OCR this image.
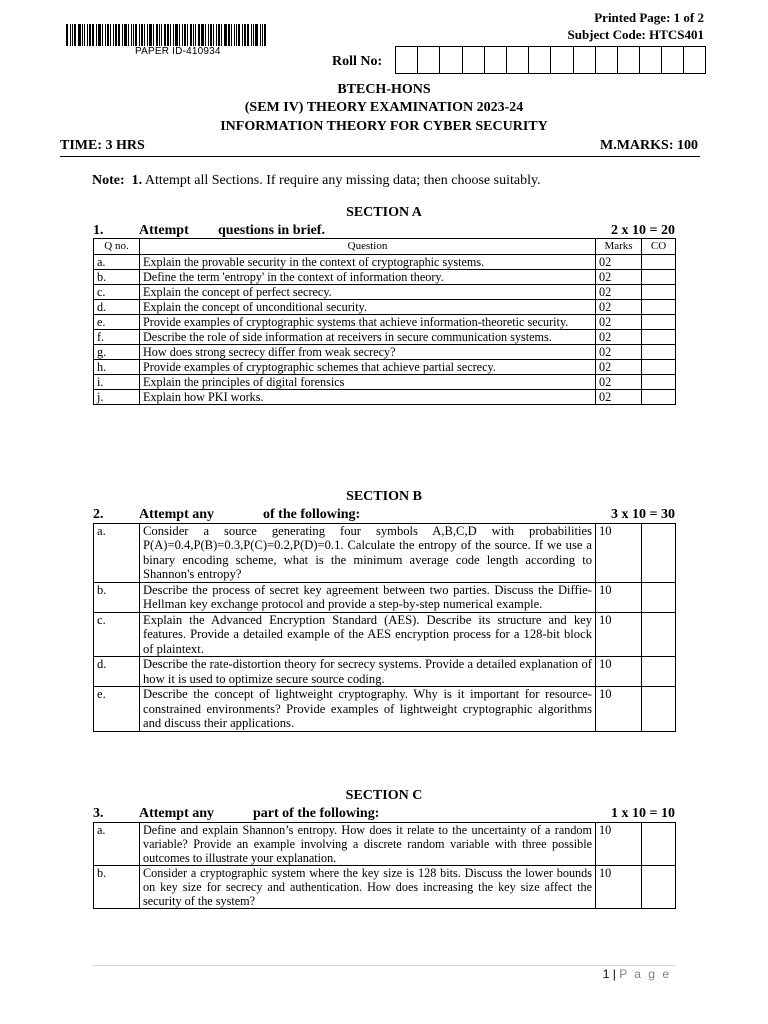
PAPER ID-410934
Printed Page: 1 of 2
Subject Code: HTCS401
Roll No:
BTECH-HONS
(SEM IV) THEORY EXAMINATION 2023-24
INFORMATION THEORY FOR CYBER SECURITY
TIME: 3 HRS	M.MARKS: 100
Note: 1. Attempt all Sections. If require any missing data; then choose suitably.
SECTION A
1.	Attempt questions in brief.	2 x 10 = 20
Q no.	Question	Marks	CO
a.	Explain the provable security in the context of cryptographic systems.	02	
b.	Define the term 'entropy' in the context of information theory.	02	
c.	Explain the concept of perfect secrecy.	02	
d.	Explain the concept of unconditional security.	02	
e.	Provide examples of cryptographic systems that achieve information-theoretic security.	02	
f.	Describe the role of side information at receivers in secure communication systems.	02	
g.	How does strong secrecy differ from weak secrecy?	02	
h.	Provide examples of cryptographic schemes that achieve partial secrecy.	02	
i.	Explain the principles of digital forensics	02	
j.	Explain how PKI works.	02	
SECTION B
2.	Attempt any	of the following:	3 x 10 = 30
a.	Consider a source generating four symbols A,B,C,D with probabilities P(A)=0.4,P(B)=0.3,P(C)=0.2,P(D)=0.1. Calculate the entropy of the source. If we use a binary encoding scheme, what is the minimum average code length according to Shannon's entropy?	10	
b.	Describe the process of secret key agreement between two parties. Discuss the Diffie-Hellman key exchange protocol and provide a step-by-step numerical example.	10	
c.	Explain the Advanced Encryption Standard (AES). Describe its structure and key features. Provide a detailed example of the AES encryption process for a 128-bit block of plaintext.	10	
d.	Describe the rate-distortion theory for secrecy systems. Provide a detailed explanation of how it is used to optimize secure source coding.	10	
e.	Describe the concept of lightweight cryptography. Why is it important for resource-constrained environments? Provide examples of lightweight cryptographic algorithms and discuss their applications.	10	
SECTION C
3.	Attempt any	part of the following:	1 x 10 = 10
a.	Define and explain Shannon’s entropy. How does it relate to the uncertainty of a random variable? Provide an example involving a discrete random variable with three possible outcomes to illustrate your explanation.	10	
b.	Consider a cryptographic system where the key size is 128 bits. Discuss the lower bounds on key size for secrecy and authentication. How does increasing the key size affect the security of the system?	10	
1 | P a g e
